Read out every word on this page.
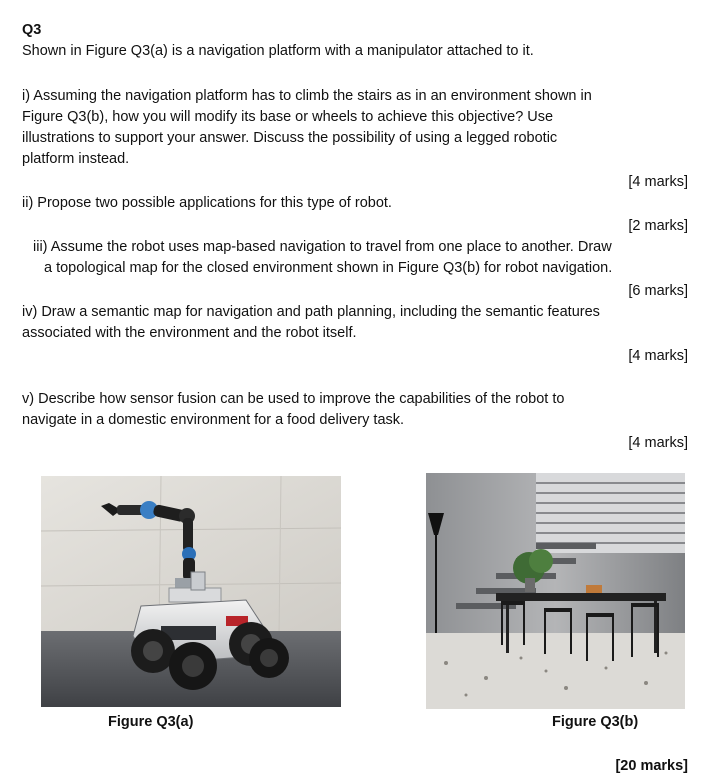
Q3
Shown in Figure Q3(a) is a navigation platform with a manipulator attached to it.
i) Assuming the navigation platform has to climb the stairs as in an environment shown in
Figure Q3(b), how you will modify its base or wheels to achieve this objective? Use
illustrations to support your answer. Discuss the possibility of using a legged robotic
platform instead.
[4 marks]
ii) Propose two possible applications for this type of robot.
[2 marks]
iii) Assume the robot uses map-based navigation to travel from one place to another. Draw
a topological map for the closed environment shown in Figure Q3(b) for robot navigation.
[6 marks]
iv) Draw a semantic map for navigation and path planning, including the semantic features
associated with the environment and the robot itself.
[4 marks]
v) Describe how sensor fusion can be used to improve the capabilities of the robot to
navigate in a domestic environment for a food delivery task.
[4 marks]
Figure Q3(a)	Figure Q3(b)
[20 marks]
